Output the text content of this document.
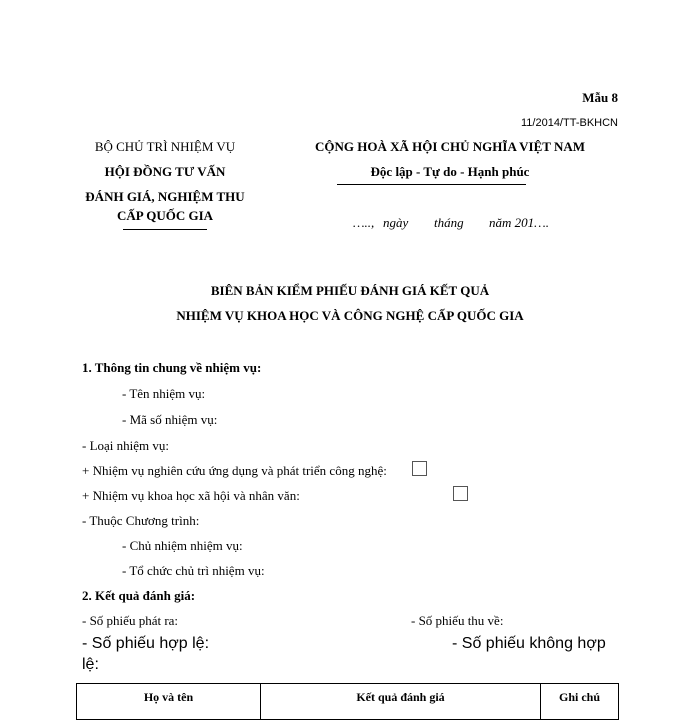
Mẫu 8
11/2014/TT-BKHCN
BỘ CHỦ TRÌ NHIỆM VỤ
HỘI ĐỒNG TƯ VẤN
ĐÁNH GIÁ, NGHIỆM THU
CẤP QUỐC GIA
CỘNG HOÀ XÃ HỘI CHỦ NGHĨA VIỆT NAM
Độc lập - Tự do - Hạnh phúc
….., ngày tháng năm 201….
BIÊN BẢN KIỂM PHIẾU ĐÁNH GIÁ KẾT QUẢ
NHIỆM VỤ KHOA HỌC VÀ CÔNG NGHỆ CẤP QUỐC GIA
1. Thông tin chung về nhiệm vụ:
- Tên nhiệm vụ:
- Mã số nhiệm vụ:
- Loại nhiệm vụ:
+ Nhiệm vụ nghiên cứu ứng dụng và phát triển công nghệ:
+ Nhiệm vụ khoa học xã hội và nhân văn:
- Thuộc Chương trình:
- Chủ nhiệm nhiệm vụ:
- Tổ chức chủ trì nhiệm vụ:
2. Kết quả đánh giá:
- Số phiếu phát ra:	- Số phiếu thu về:
- Số phiếu hợp lệ:	- Số phiếu không hợp
lệ:
Họ và tên	Kết quả đánh giá	Ghi chú
